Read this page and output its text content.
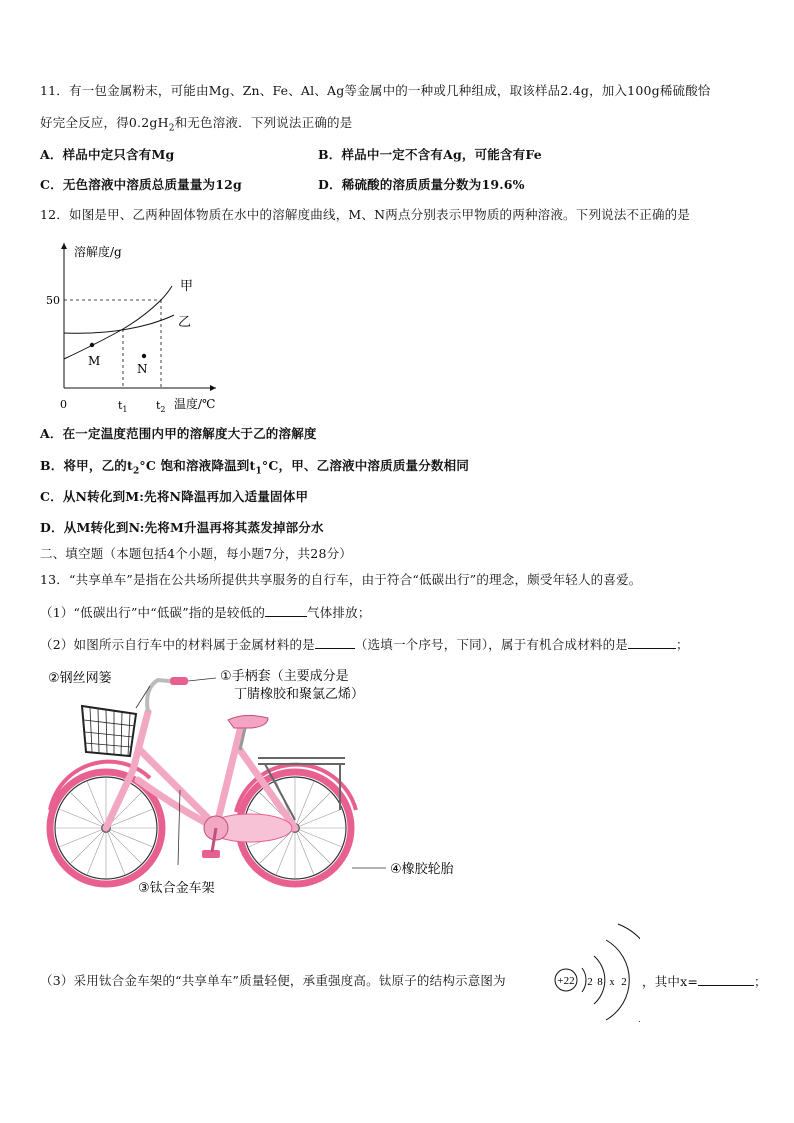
11．有一包金属粉末，可能由Mg、Zn、Fe、Al、Ag等金属中的一种或几种组成，取该样品2.4g，加入100g稀硫酸恰
好完全反应，得$0.2gH_2$和无色溶液．下列说法正确的是
A．样品中定只含有Mg	B．样品中一定不含有Ag，可能含有Fe
C．无色溶液中溶质总质量量为12g	D．稀硫酸的溶质质量分数为19.6%
12．如图是甲、乙两种固体物质在水中的溶解度曲线，M、N两点分别表示甲物质的两种溶液。下列说法不正确的是
溶解度/g
温度/℃
0
50
$t_1$	$t_2$
甲
乙
M
N
A．在一定温度范围内甲的溶解度大于乙的溶解度
B．将甲，乙的$t_2^\circ C$ 饱和溶液降温到$t_1^\circ C$，甲、乙溶液中溶质质量分数相同
C．从N转化到M:先将N降温再加入适量固体甲
D．从M转化到N:先将M升温再将其蒸发掉部分水
二、填空题（本题包括4个小题，每小题7分，共28分）
13．“共享单车”是指在公共场所提供共享服务的自行车，由于符合“低碳出行”的理念，颇受年轻人的喜爱。
（1）“低碳出行”中“低碳”指的是较低的	气体排放；
（2）如图所示自行车中的材料属于金属材料的是	（选填一个序号，下同），属于有机合成材料的是	；
②钢丝网篓	①手柄套（主要成分是
丁腈橡胶和聚氯乙烯）
③钛合金车架
④橡胶轮胎
（3）采用钛合金车架的“共享单车”质量轻便，承重强度高。钛原子的结构示意图为	+22 2 8 x 2 ，其中x=	；
